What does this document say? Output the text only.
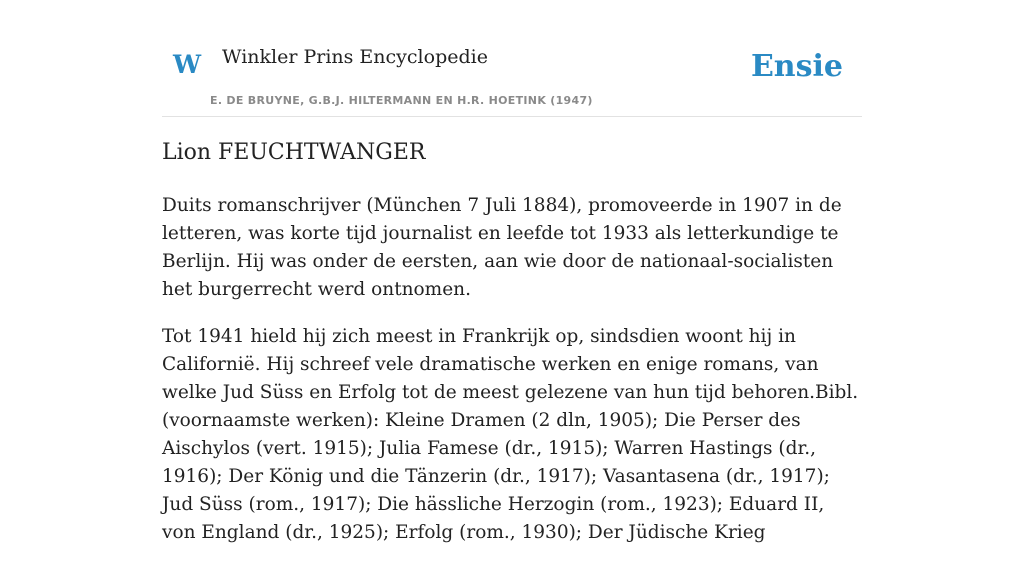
W Winkler Prins Encyclopedie
E. DE BRUYNE, G.B.J. HILTERMANN EN H.R. HOETINK (1947)
Ensie
Lion FEUCHTWANGER

Duits romanschrijver (München 7 Juli 1884), promoveerde in 1907 in de letteren, was korte tijd journalist en leefde tot 1933 als letterkundige te Berlijn. Hij was onder de eersten, aan wie door de nationaal-socialisten het burgerrecht werd ontnomen.

Tot 1941 hield hij zich meest in Frankrijk op, sindsdien woont hij in Californië. Hij schreef vele dramatische werken en enige romans, van welke Jud Süss en Erfolg tot de meest gelezene van hun tijd behoren.Bibl. (voornaamste werken): Kleine Dramen (2 dln, 1905); Die Perser des Aischylos (vert. 1915); Julia Famese (dr., 1915); Warren Hastings (dr., 1916); Der König und die Tänzerin (dr., 1917); Vasantasena (dr., 1917); Jud Süss (rom., 1917); Die hässliche Herzogin (rom., 1923); Eduard II, von England (dr., 1925); Erfolg (rom., 1930); Der Jüdische Krieg
